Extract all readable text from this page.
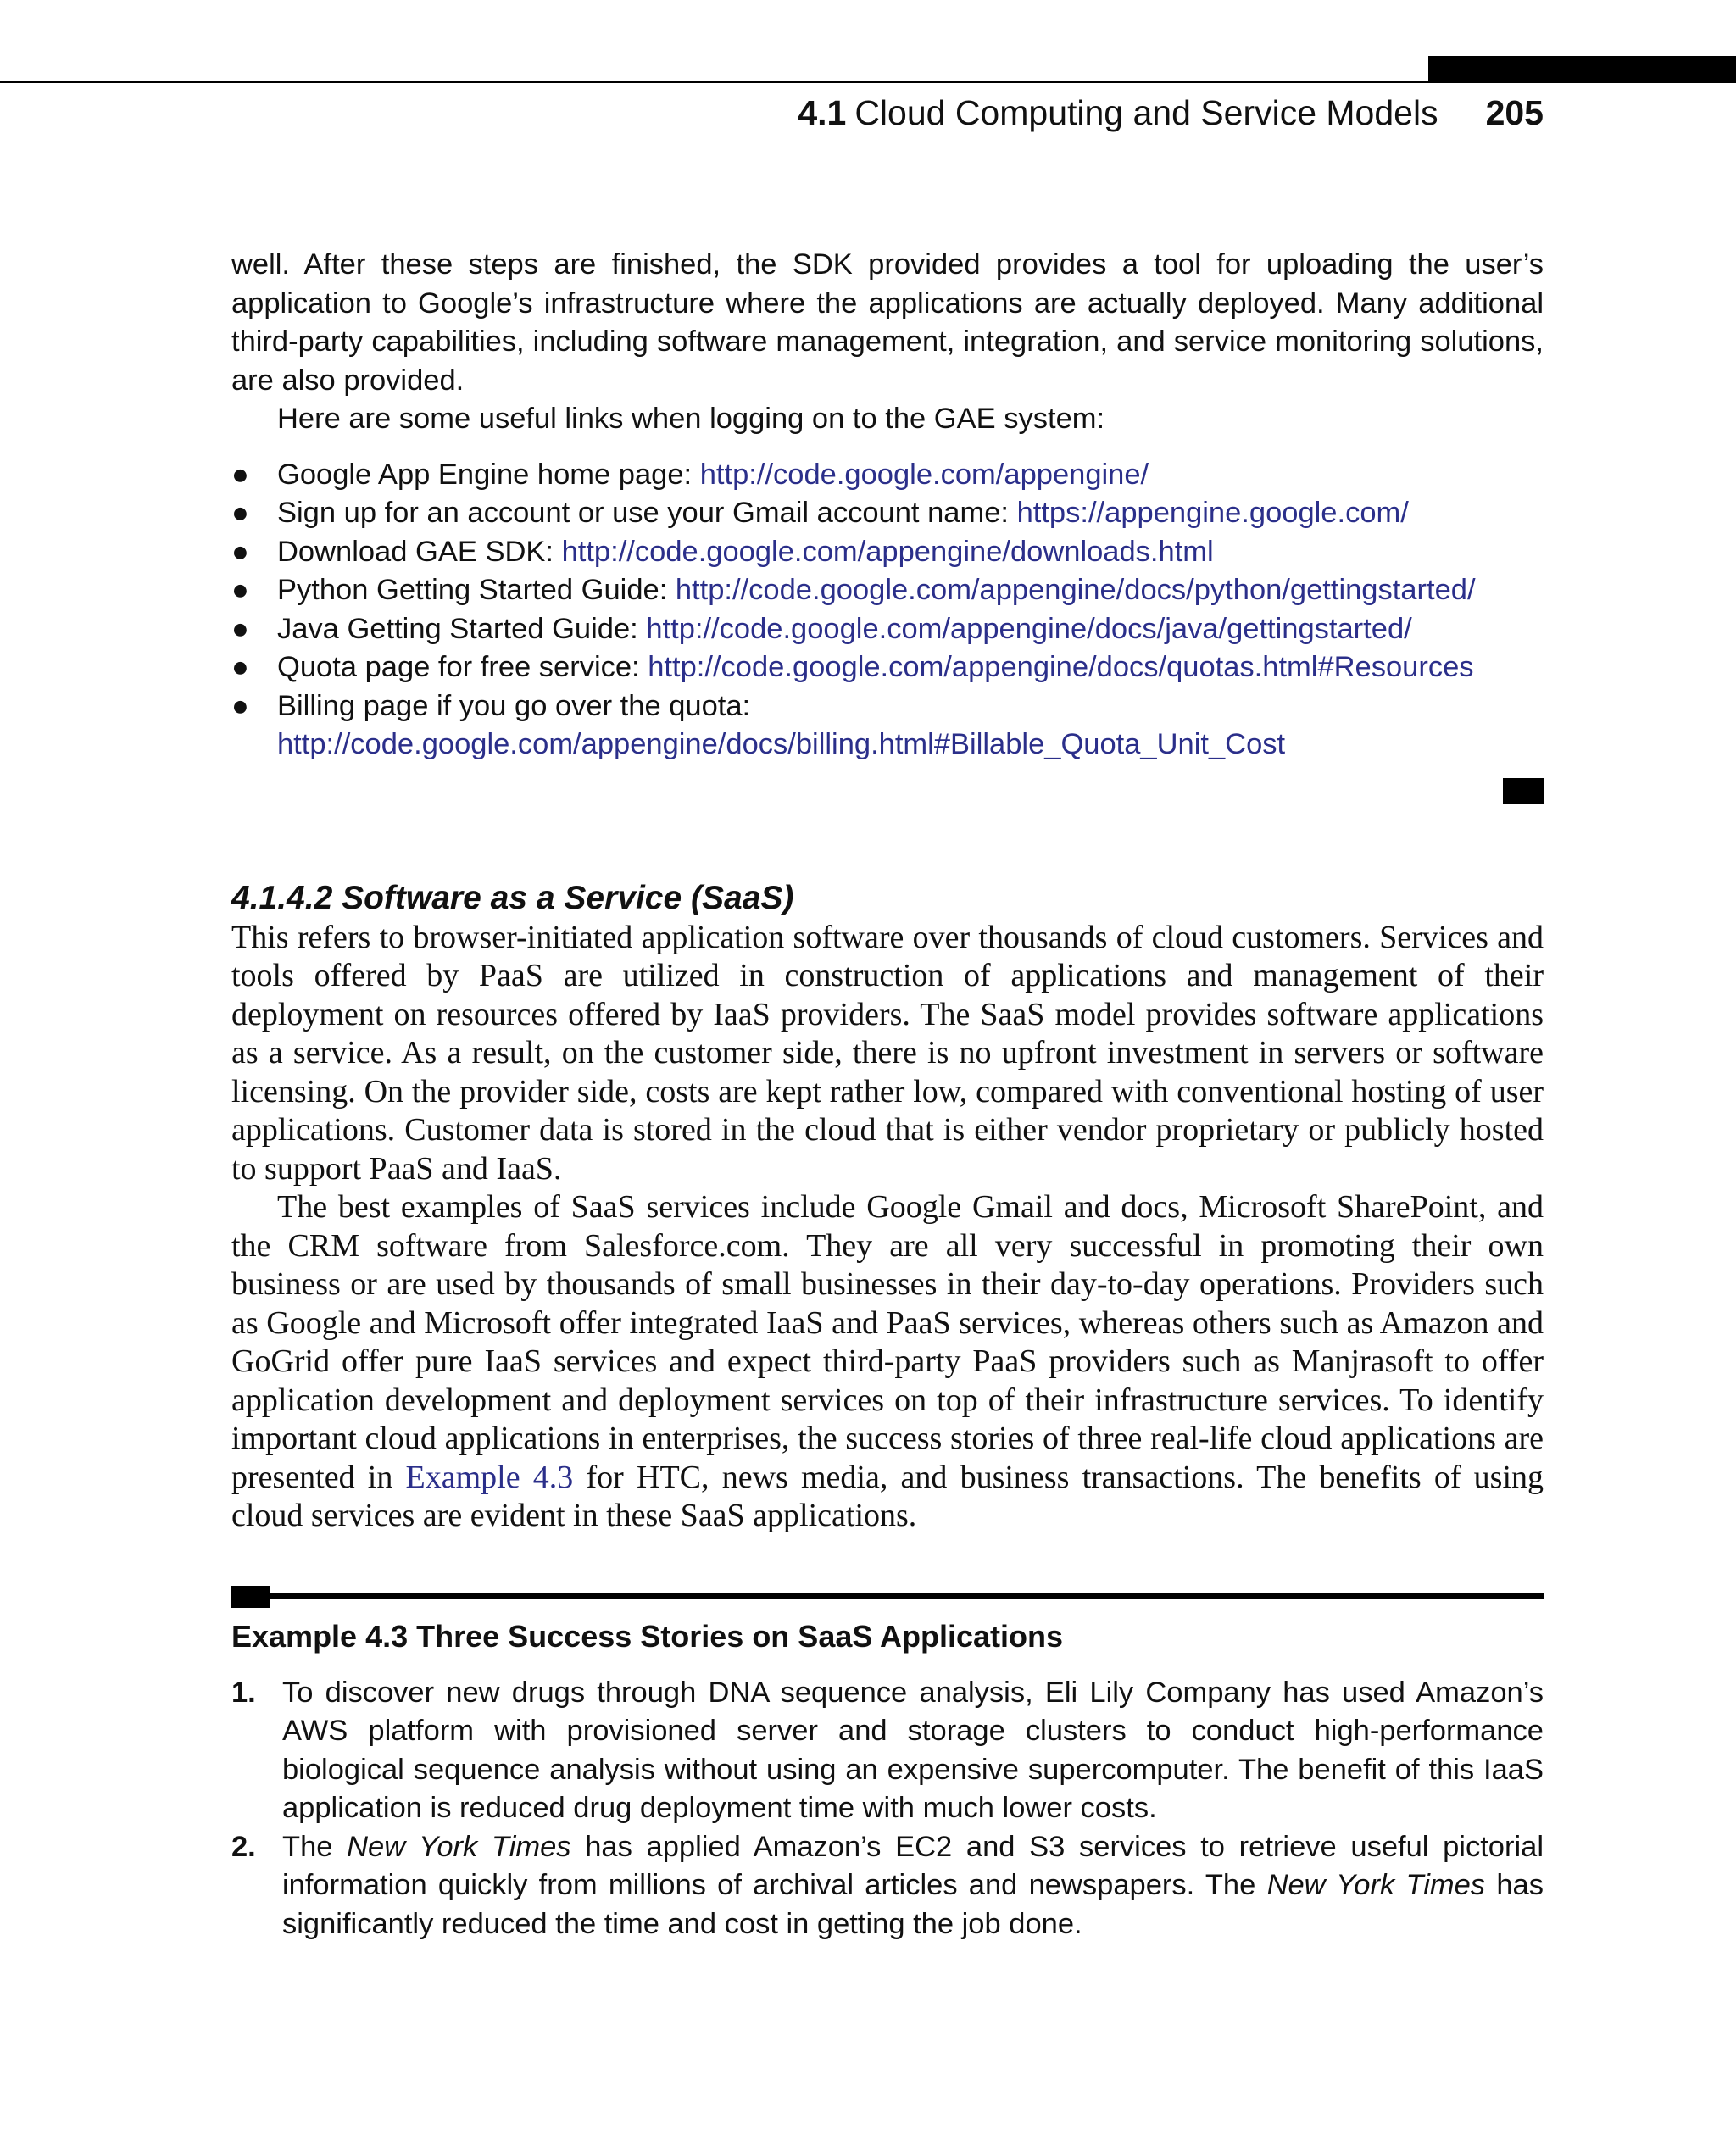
4.1 Cloud Computing and Service Models 205

well. After these steps are finished, the SDK provided provides a tool for uploading the user’s application to Google’s infrastructure where the applications are actually deployed. Many additional third-party capabilities, including software management, integration, and service monitoring solutions, are also provided.

Here are some useful links when logging on to the GAE system:

● Google App Engine home page: http://code.google.com/appengine/
● Sign up for an account or use your Gmail account name: https://appengine.google.com/
● Download GAE SDK: http://code.google.com/appengine/downloads.html
● Python Getting Started Guide: http://code.google.com/appengine/docs/python/gettingstarted/
● Java Getting Started Guide: http://code.google.com/appengine/docs/java/gettingstarted/
● Quota page for free service: http://code.google.com/appengine/docs/quotas.html#Resources
● Billing page if you go over the quota: http://code.google.com/appengine/docs/billing.html#Billable_Quota_Unit_Cost
4.1.4.2 Software as a Service (SaaS)

This refers to browser-initiated application software over thousands of cloud customers. Services and tools offered by PaaS are utilized in construction of applications and management of their deployment on resources offered by IaaS providers. The SaaS model provides software applications as a service. As a result, on the customer side, there is no upfront investment in servers or software licensing. On the provider side, costs are kept rather low, compared with conventional hosting of user applications. Customer data is stored in the cloud that is either vendor proprietary or publicly hosted to support PaaS and IaaS.

The best examples of SaaS services include Google Gmail and docs, Microsoft SharePoint, and the CRM software from Salesforce.com. They are all very successful in promoting their own business or are used by thousands of small businesses in their day-to-day operations. Providers such as Google and Microsoft offer integrated IaaS and PaaS services, whereas others such as Amazon and GoGrid offer pure IaaS services and expect third-party PaaS providers such as Manjrasoft to offer application development and deployment services on top of their infrastructure services. To identify important cloud applications in enterprises, the success stories of three real-life cloud applications are presented in Example 4.3 for HTC, news media, and business transactions. The benefits of using cloud services are evident in these SaaS applications.

Example 4.3 Three Success Stories on SaaS Applications
1. To discover new drugs through DNA sequence analysis, Eli Lily Company has used Amazon’s AWS platform with provisioned server and storage clusters to conduct high-performance biological sequence analysis without using an expensive supercomputer. The benefit of this IaaS application is reduced drug deployment time with much lower costs.
2. The New York Times has applied Amazon’s EC2 and S3 services to retrieve useful pictorial information quickly from millions of archival articles and newspapers. The New York Times has significantly reduced the time and cost in getting the job done.
